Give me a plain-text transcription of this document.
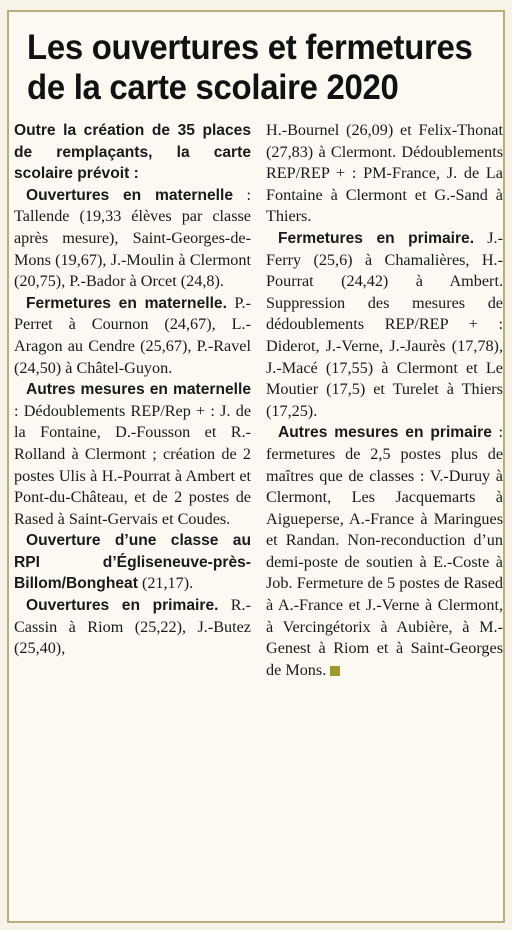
Les ouvertures et fermetures
de la carte scolaire 2020

Outre la création de 35 places de remplaçants, la carte scolaire prévoit :

Ouvertures en maternelle : Tallende (19,33 élèves par classe après mesure), Saint-Georges-de-Mons (19,67), J.-Moulin à Clermont (20,75), P.-Bador à Orcet (24,8).

Fermetures en maternelle. P.-Perret à Cournon (24,67), L.-Aragon au Cendre (25,67), P.-Ravel (24,50) à Châtel-Guyon.

Autres mesures en maternelle : Dédoublements REP/Rep + : J. de la Fontaine, D.-Fousson et R.-Rolland à Clermont ; création de 2 postes Ulis à H.-Pourrat à Ambert et Pont-du-Château, et de 2 postes de Rased à Saint-Gervais et Coudes.

Ouverture d’une classe au RPI d’Égliseneuve-près-Billom/Bongheat (21,17).

Ouvertures en primaire. R.-Cassin à Riom (25,22), J.-Butez (25,40),

H.-Bournel (26,09) et Felix-Thonat (27,83) à Clermont. Dédoublements REP/REP + : PM-France, J. de La Fontaine à Clermont et G.-Sand à Thiers.

Fermetures en primaire. J.-Ferry (25,6) à Chamalières, H.-Pourrat (24,42) à Ambert. Suppression des mesures de dédoublements REP/REP + : Diderot, J.-Verne, J.-Jaurès (17,78), J.-Macé (17,55) à Clermont et Le Moutier (17,5) et Turelet à Thiers (17,25).

Autres mesures en primaire : fermetures de 2,5 postes plus de maîtres que de classes : V.-Duruy à Clermont, Les Jacquemarts à Aigueperse, A.-France à Maringues et Randan. Non-reconduction d’un demi-poste de soutien à E.-Coste à Job. Fermeture de 5 postes de Rased à A.-France et J.-Verne à Clermont, à Vercingétorix à Aubière, à M.-Genest à Riom et à Saint-Georges de Mons.
